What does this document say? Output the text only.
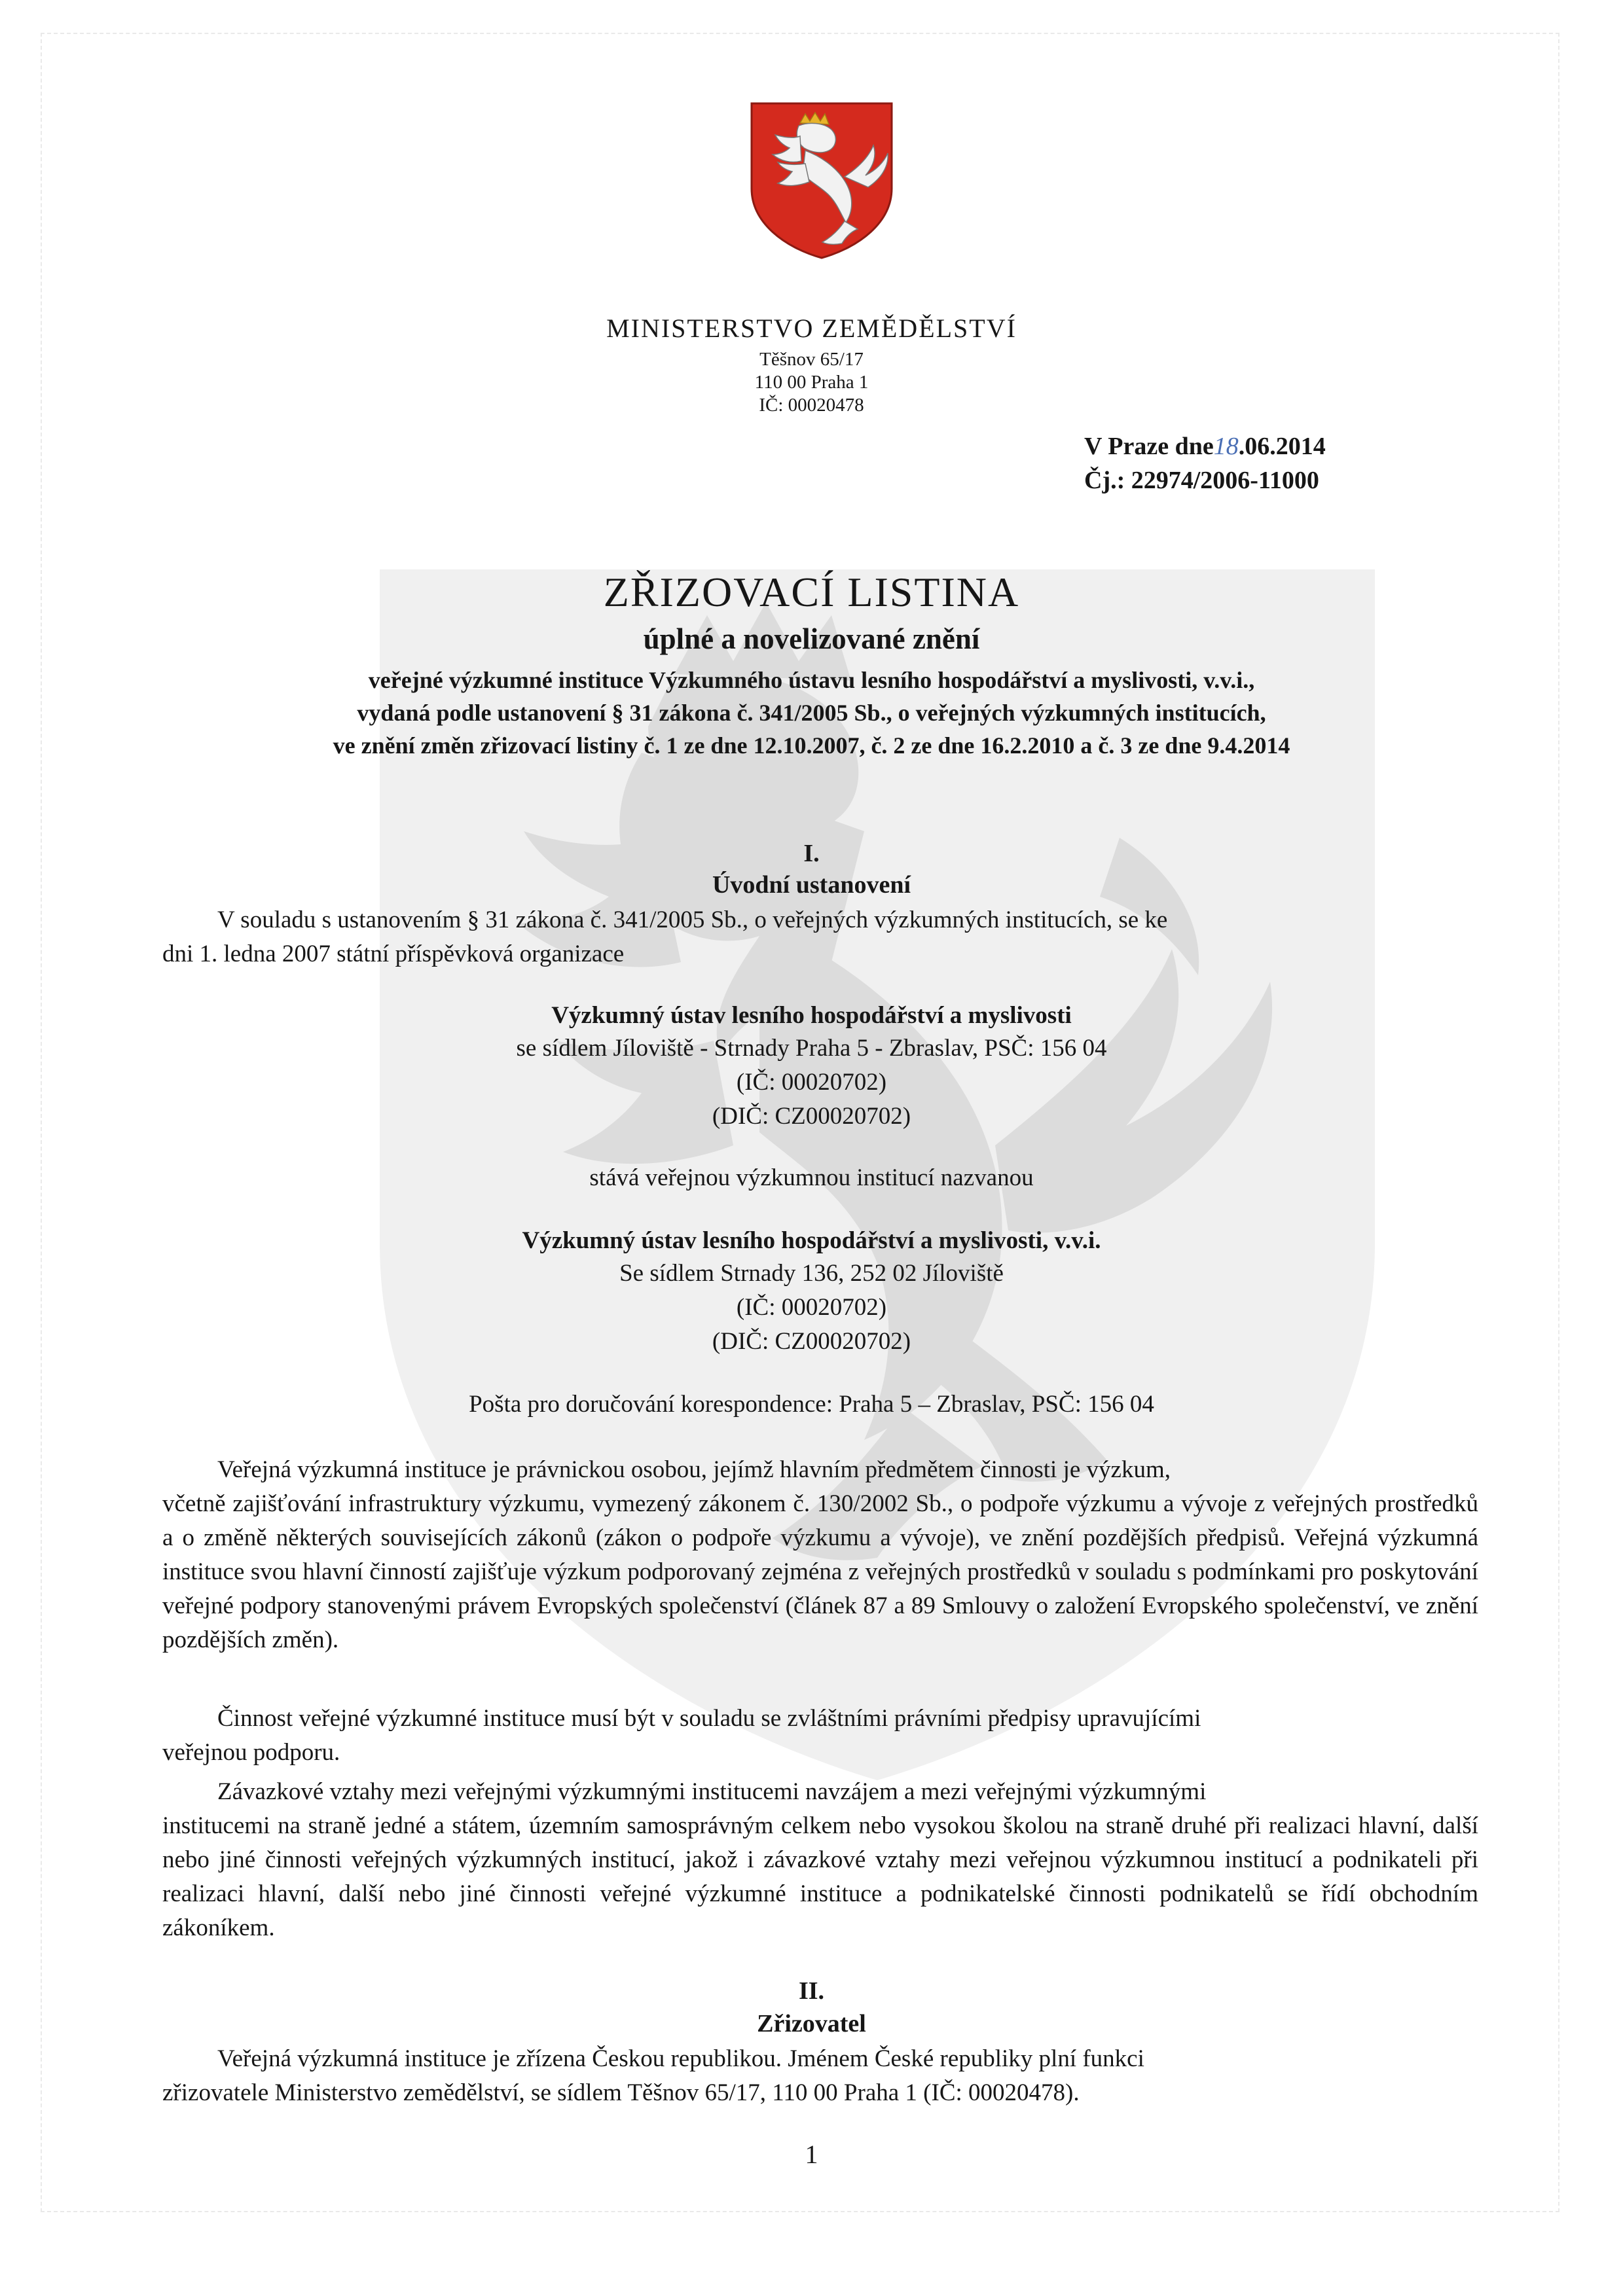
MINISTERSTVO ZEMĚDĚLSTVÍ
Těšnov 65/17
110 00 Praha 1
IČ: 00020478
V Praze dne18.06.2014
Čj.: 22974/2006-11000
ZŘIZOVACÍ LISTINA
úplné a novelizované znění
veřejné výzkumné instituce Výzkumného ústavu lesního hospodářství a myslivosti, v.v.i.,
vydaná podle ustanovení § 31 zákona č. 341/2005 Sb., o veřejných výzkumných institucích,
ve znění změn zřizovací listiny č. 1 ze dne 12.10.2007, č. 2 ze dne 16.2.2010 a č. 3 ze dne 9.4.2014
I.
Úvodní ustanovení
V souladu s ustanovením § 31 zákona č. 341/2005 Sb., o veřejných výzkumných institucích, se ke
dni 1. ledna 2007 státní příspěvková organizace
Výzkumný ústav lesního hospodářství a myslivosti
se sídlem Jíloviště - Strnady Praha 5 - Zbraslav, PSČ: 156 04
(IČ: 00020702)
(DIČ: CZ00020702)
stává veřejnou výzkumnou institucí nazvanou
Výzkumný ústav lesního hospodářství a myslivosti, v.v.i.
Se sídlem Strnady 136, 252 02 Jíloviště
(IČ: 00020702)
(DIČ: CZ00020702)
Pošta pro doručování korespondence: Praha 5 – Zbraslav, PSČ: 156 04
Veřejná výzkumná instituce je právnickou osobou, jejímž hlavním předmětem činnosti je výzkum,
včetně zajišťování infrastruktury výzkumu, vymezený zákonem č. 130/2002 Sb., o podpoře výzkumu a vývoje z veřejných prostředků a o změně některých souvisejících zákonů (zákon o podpoře výzkumu a vývoje), ve znění pozdějších předpisů. Veřejná výzkumná instituce svou hlavní činností zajišťuje výzkum podporovaný zejména z veřejných prostředků v souladu s podmínkami pro poskytování veřejné podpory stanovenými právem Evropských společenství (článek 87 a 89 Smlouvy o založení Evropského společenství, ve znění pozdějších změn).
Činnost veřejné výzkumné instituce musí být v souladu se zvláštními právními předpisy upravujícími
veřejnou podporu.
Závazkové vztahy mezi veřejnými výzkumnými institucemi navzájem a mezi veřejnými výzkumnými
institucemi na straně jedné a státem, územním samosprávným celkem nebo vysokou školou na straně druhé při realizaci hlavní, další nebo jiné činnosti veřejných výzkumných institucí, jakož i závazkové vztahy mezi veřejnou výzkumnou institucí a podnikateli při realizaci hlavní, další nebo jiné činnosti veřejné výzkumné instituce a podnikatelské činnosti podnikatelů se řídí obchodním zákoníkem.
II.
Zřizovatel
Veřejná výzkumná instituce je zřízena Českou republikou. Jménem České republiky plní funkci
zřizovatele Ministerstvo zemědělství, se sídlem Těšnov 65/17, 110 00 Praha 1 (IČ: 00020478).
1
